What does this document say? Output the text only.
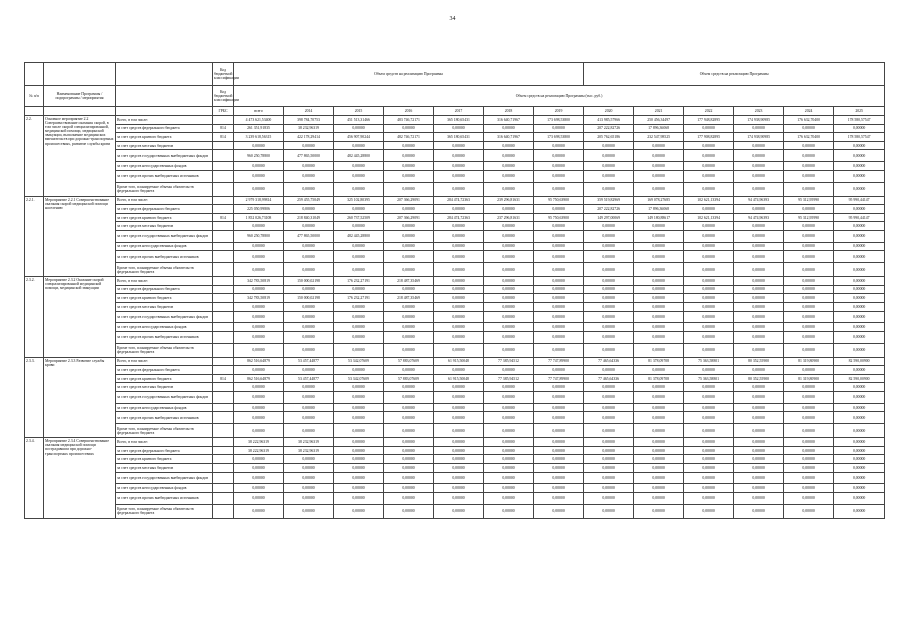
34
			Код бюджетной классификации	Объем средств на реализацию Программы							Объем средств на реализацию Программы					
№ п/п	Наименование Программы / подпрограммы / мероприятия		Код бюджетной классификации	Объем средств на реализацию Программы (тыс. руб.)												
			ГРБС	всего	2014	2015	2016	2017	2018	2019	2020	2021	2022	2023	2024	2025
2.2.	Основное мероприятие 2.2 Совершенствование оказания скорой, в том числе скорой специализированной, медицинской помощи, медицинской эвакуации, выполнение медицинских вмешательств при дорожно-транспортных происшествиях, развитие службы крови	Всего, в том числе:		4 473 621,53400	398 784,70753	451 513,31466	483 746,72171	365 180,65431	316 640,71967	173 698,53800	413 985,57966	250 456,34497	177 948,82895	174 938,90985	176 632,70400	178 580,57547
		за счет средств федерального бюджета	814	261 351,91835	38 232,96319	0,00000	0,00000	0,00000	0,00000	0,00000	207 222,82726	17 896,36068	0,00000	0,00000	0,00000	0,00000
		за счет средств краевого бюджета	814	3 239 618,56315	422 178,29414	456 907,90244	482 746,72171	365 180,65431	316 640,71967	173 698,53800	205 762,65186	232 547,98525	177 908,82895	174 938,90985	176 632,70400	178 580,57547
		за счет средств местных бюджетов		0,00000	0,00000	0,00000	0,00000	0,00000	0,00000	0,00000	0,00000	0,00000	0,00000	0,00000	0,00000	0,00000
		за счет средств государственных внебюджетных фондов		960 250,78800	477 865,50000	482 445,28800	0,00000	0,00000	0,00000	0,00000	0,00000	0,00000	0,00000	0,00000	0,00000	0,00000
		за счет средств негосударственных фондов		0,00000	0,00000	0,00000	0,00000	0,00000	0,00000	0,00000	0,00000	0,00000	0,00000	0,00000	0,00000	0,00000
		за счет средств прочих внебюджетных источников		0,00000	0,00000	0,00000	0,00000	0,00000	0,00000	0,00000	0,00000	0,00000	0,00000	0,00000	0,00000	0,00000
		Кроме того, планируемые объемы обязательств федерального бюджета		0,00000	0,00000	0,00000	0,00000	0,00000	0,00000	0,00000	0,00000	0,00000	0,00000	0,00000	0,00000	0,00000
2.2.1.	Мероприятие 2.2.1 Совершенствование оказания скорой медицинской помощи населению	Всего, в том числе:		2 979 318,99814	259 455,75049	325 102,80395	207 366,29091	284 474,72363	239 296,81631	95 750,63900	359 519,82969	169 078,27685	102 621,13394	94 474,96393	95 312,95990	95 990,44147
		за счет средств федерального бюджета		225 050,99806	0,00000	0,00000	0,00000	0,00000	0,00000	0,00000	207 222,82726	17 896,36068	0,00000	0,00000	0,00000	0,00000
		за счет средств краевого бюджета	814	1 852 026,73108	218 840,31049	260 737,52509	207 366,29091	284 474,72363	237 296,81631	95 750,63900	149 297,00069	149 180,88617	102 621,13394	94 474,96393	95 312,95990	95 990,44147
		за счет средств местных бюджетов		0,00000	0,00000	0,00000	0,00000	0,00000	0,00000	0,00000	0,00000	0,00000	0,00000	0,00000	0,00000	0,00000
		за счет средств государственных внебюджетных фондов		960 250,78800	477 865,50000	482 445,28800	0,00000	0,00000	0,00000	0,00000	0,00000	0,00000	0,00000	0,00000	0,00000	0,00000
		за счет средств негосударственных фондов		0,00000	0,00000	0,00000	0,00000	0,00000	0,00000	0,00000	0,00000	0,00000	0,00000	0,00000	0,00000	0,00000
		за счет средств прочих внебюджетных источников		0,00000	0,00000	0,00000	0,00000	0,00000	0,00000	0,00000	0,00000	0,00000	0,00000	0,00000	0,00000	0,00000
		Кроме того, планируемые объемы обязательств федерального бюджета		0,00000	0,00000	0,00000	0,00000	0,00000	0,00000	0,00000	0,00000	0,00000	0,00000	0,00000	0,00000	0,00000
2.3.2.	Мероприятие 2.3.2 Оказание скорой специализированной медицинской помощи, медицинской эвакуации	Всего, в том числе:		342 783,50819	150 000,02198	176 232,27191	218 487,35469	0,00000	0,00000	0,00000	0,00000	0,00000	0,00000	0,00000	0,00000	0,00000
		за счет средств федерального бюджета		0,00000	0,00000	0,00000	0,00000	0,00000	0,00000	0,00000	0,00000	0,00000	0,00000	0,00000	0,00000	0,00000
		за счет средств краевого бюджета		342 783,50819	150 000,02198	176 232,27191	218 487,35469	0,00000	0,00000	0,00000	0,00000	0,00000	0,00000	0,00000	0,00000	0,00000
		за счет средств местных бюджетов		0,00000	0,00000	0,00000	0,00000	0,00000	0,00000	0,00000	0,00000	0,00000	0,00000	0,00000	0,00000	0,00000
		за счет средств государственных внебюджетных фондов		0,00000	0,00000	0,00000	0,00000	0,00000	0,00000	0,00000	0,00000	0,00000	0,00000	0,00000	0,00000	0,00000
		за счет средств негосударственных фондов		0,00000	0,00000	0,00000	0,00000	0,00000	0,00000	0,00000	0,00000	0,00000	0,00000	0,00000	0,00000	0,00000
		за счет средств прочих внебюджетных источников		0,00000	0,00000	0,00000	0,00000	0,00000	0,00000	0,00000	0,00000	0,00000	0,00000	0,00000	0,00000	0,00000
		Кроме того, планируемые объемы обязательств федерального бюджета		0,00000	0,00000	0,00000	0,00000	0,00000	0,00000	0,00000	0,00000	0,00000	0,00000	0,00000	0,00000	0,00000
2.3.3.	Мероприятие 2.3.3 Развитие службы крови	Всего, в том числе:		862 516,64879	53 457,44877	53 342,07609	57 883,07609	61 915,50048	77 385,94512	77 747,89900	77 465,64336	81 378,09708	75 363,58801	80 352,55900	81 319,80900	82 590,00900
		за счет средств федерального бюджета		0,00000	0,00000	0,00000	0,00000	0,00000	0,00000	0,00000	0,00000	0,00000	0,00000	0,00000	0,00000	0,00000
		за счет средств краевого бюджета	814	862 516,64879	53 457,44877	53 342,07609	57 883,07609	61 915,50048	77 385,94512	77 747,89900	77 465,64336	81 378,09708	75 363,58801	80 352,55900	81 319,80900	82 590,00900
		за счет средств местных бюджетов		0,00000	0,00000	0,00000	0,00000	0,00000	0,00000	0,00000	0,00000	0,00000	0,00000	0,00000	0,00000	0,00000
		за счет средств государственных внебюджетных фондов		0,00000	0,00000	0,00000	0,00000	0,00000	0,00000	0,00000	0,00000	0,00000	0,00000	0,00000	0,00000	0,00000
		за счет средств негосударственных фондов		0,00000	0,00000	0,00000	0,00000	0,00000	0,00000	0,00000	0,00000	0,00000	0,00000	0,00000	0,00000	0,00000
		за счет средств прочих внебюджетных источников		0,00000	0,00000	0,00000	0,00000	0,00000	0,00000	0,00000	0,00000	0,00000	0,00000	0,00000	0,00000	0,00000
		Кроме того, планируемые объемы обязательств федерального бюджета		0,00000	0,00000	0,00000	0,00000	0,00000	0,00000	0,00000	0,00000	0,00000	0,00000	0,00000	0,00000	0,00000
2.3.4.	Мероприятие 2.3.4 Совершенствование оказания медицинской помощи пострадавшим при дорожно-транспортных происшествиях	Всего, в том числе:		38 222,96319	38 232,96319	0,00000	0,00000	0,00000	0,00000	0,00000	0,00000	0,00000	0,00000	0,00000	0,00000	0,00000
		за счет средств федерального бюджета		38 222,96319	38 232,96319	0,00000	0,00000	0,00000	0,00000	0,00000	0,00000	0,00000	0,00000	0,00000	0,00000	0,00000
		за счет средств краевого бюджета		0,00000	0,00000	0,00000	0,00000	0,00000	0,00000	0,00000	0,00000	0,00000	0,00000	0,00000	0,00000	0,00000
		за счет средств местных бюджетов		0,00000	0,00000	0,00000	0,00000	0,00000	0,00000	0,00000	0,00000	0,00000	0,00000	0,00000	0,00000	0,00000
		за счет средств государственных внебюджетных фондов		0,00000	0,00000	0,00000	0,00000	0,00000	0,00000	0,00000	0,00000	0,00000	0,00000	0,00000	0,00000	0,00000
		за счет средств негосударственных фондов		0,00000	0,00000	0,00000	0,00000	0,00000	0,00000	0,00000	0,00000	0,00000	0,00000	0,00000	0,00000	0,00000
		за счет средств прочих внебюджетных источников		0,00000	0,00000	0,00000	0,00000	0,00000	0,00000	0,00000	0,00000	0,00000	0,00000	0,00000	0,00000	0,00000
		Кроме того, планируемые объемы обязательств федерального бюджета		0,00000	0,00000	0,00000	0,00000	0,00000	0,00000	0,00000	0,00000	0,00000	0,00000	0,00000	0,00000	0,00000
